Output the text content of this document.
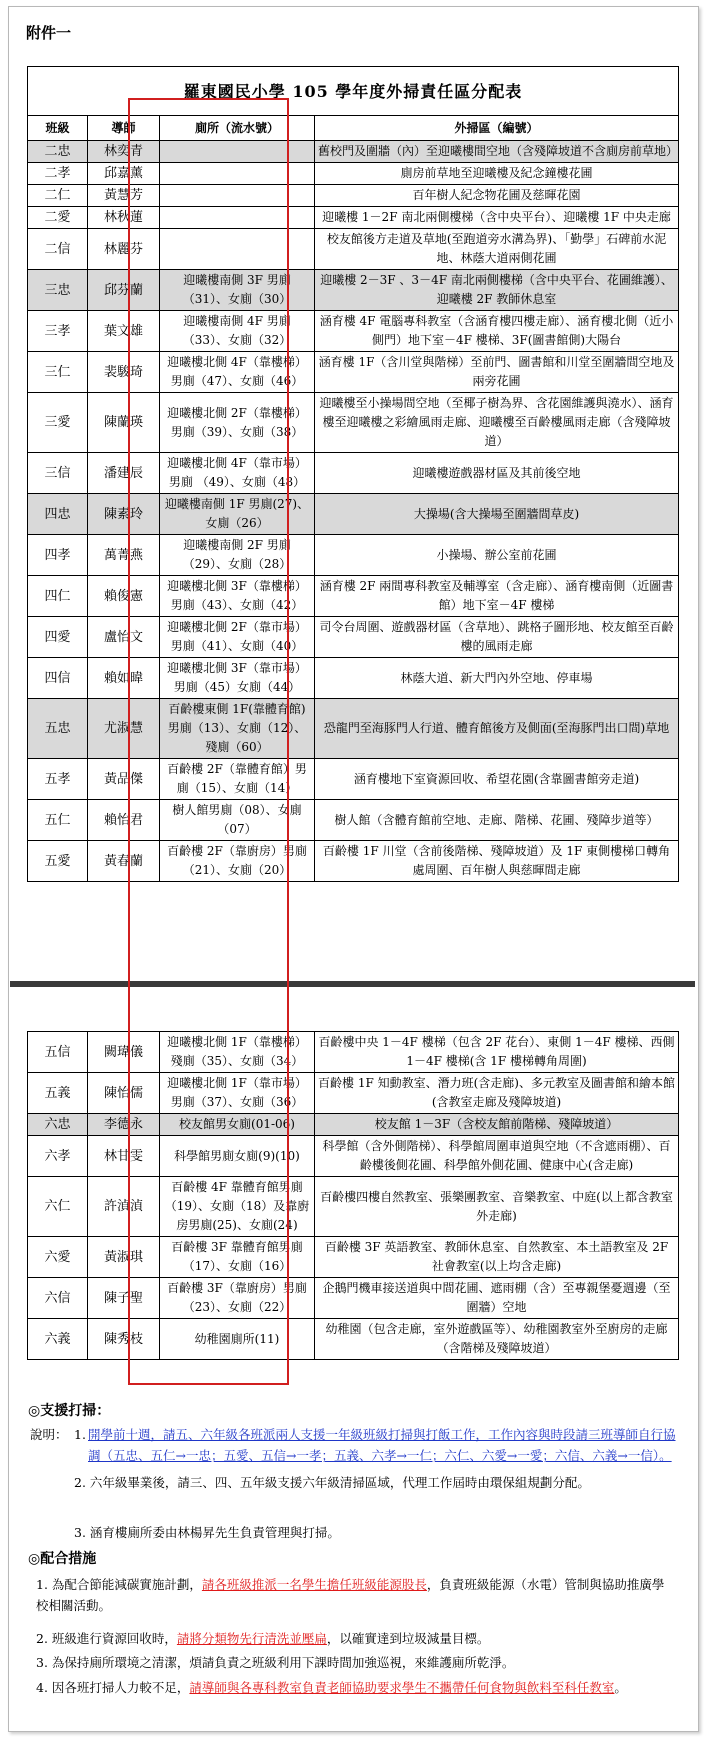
附件一
羅東國民小學 105 學年度外掃責任區分配表			
班級	導師	廁所（流水號）	外掃區（編號）
二忠	林奕青		舊校門及圍牆（內）至迎曦樓間空地（含殘障坡道不含廁房前草地）
二孝	邱嘉薰		廁房前草地至迎曦樓及紀念鐘樓花圃
二仁	黃慧芳		百年樹人紀念物花圃及慈暉花園
二愛	林秋蓮		迎曦樓 1－2F 南北兩側樓梯（含中央平台）、迎曦樓 1F 中央走廊
二信	林麗芬		校友館後方走道及草地(至跑道旁水溝為界)、「勤學」石碑前水泥地、林蔭大道兩側花圃
三忠	邱芬蘭	迎曦樓南側 3F 男廁（31）、女廁（30）	迎曦樓 2－3F 、3－4F 南北兩側樓梯（含中央平台、花圃維護）、迎曦樓 2F 教師休息室
三孝	葉文雄	迎曦樓南側 4F 男廁（33）、女廁（32）	涵育樓 4F 電腦專科教室（含涵育樓四樓走廊）、涵育樓北側（近小側門）地下室－4F 樓梯、3F(圖書館側)大陽台
三仁	裴駿琦	迎曦樓北側 4F（靠樓梯）男廁（47）、女廁（46）	涵育樓 1F（含川堂與階梯）至前門、圖書館和川堂至圍牆間空地及兩旁花圃
三愛	陳蘭瑛	迎曦樓北側 2F（靠樓梯）男廁（39）、女廁（38）	迎曦樓至小操場間空地（至椰子樹為界、含花園維護與澆水）、涵育樓至迎曦樓之彩繪風雨走廊、迎曦樓至百齡樓風雨走廊（含殘障坡道）
三信	潘建辰	迎曦樓北側 4F（靠市場）男廁 （49）、女廁（48）	迎曦樓遊戲器材區及其前後空地
四忠	陳素玲	迎曦樓南側 1F 男廁(27)、女廁（26）	大操場(含大操場至圍牆間草皮)
四孝	萬菁燕	迎曦樓南側 2F 男廁（29）、女廁（28）	小操場、辦公室前花圃
四仁	賴俊憲	迎曦樓北側 3F（靠樓梯）男廁（43）、女廁（42）	涵育樓 2F 兩間專科教室及輔導室（含走廊）、涵育樓南側（近圖書館）地下室－4F 樓梯
四愛	盧怡文	迎曦樓北側 2F（靠市場）男廁（41）、女廁（40）	司令台周圍、遊戲器材區（含草地）、跳格子圖形地、校友館至百齡樓的風雨走廊
四信	賴如暐	迎曦樓北側 3F（靠市場）男廁（45）女廁（44）	林蔭大道、新大門內外空地、停車場
五忠	尤淑慧	百齡樓東側 1F(靠體育館)男廁（13）、女廁（12）、殘廁（60）	恐龍門至海豚門人行道、體育館後方及側面(至海豚門出口間)草地
五孝	黃品傑	百齡樓 2F（靠體育館）男廁（15）、女廁（14）	涵育樓地下室資源回收、希望花園(含靠圖書館旁走道)
五仁	賴怡君	樹人館男廁（08）、女廁（07）	樹人館（含體育館前空地、走廊、階梯、花圃、殘障步道等）
五愛	黃春蘭	百齡樓 2F（靠廚房）男廁（21）、女廁（20）	百齡樓 1F 川堂（含前後階梯、殘障坡道）及 1F 東側樓梯口轉角處周圍、百年樹人與慈暉間走廊
五信	闕瑋儀	迎曦樓北側 1F（靠樓梯）殘廁（35）、女廁（34）	百齡樓中央 1－4F 樓梯（包含 2F 花台）、東側 1－4F 樓梯、西側 1－4F 樓梯(含 1F 樓梯轉角周圍)
五義	陳怡儒	迎曦樓北側 1F（靠市場）男廁（37）、女廁（36）	百齡樓 1F 知動教室、潛力班(含走廊)、多元教室及圖書館和繪本館(含教室走廊及殘障坡道)
六忠	李德永	校友館男女廁(01-06)	校友館 1－3F（含校友館前階梯、殘障坡道）
六孝	林甘雯	科學館男廁女廁(9)(10)	科學館（含外側階梯）、科學館周圍車道與空地（不含遮雨棚）、百齡樓後側花圃、科學館外側花圃、健康中心(含走廊)
六仁	許湞湞	百齡樓 4F 靠體育館男廁（19）、女廁（18）及靠廚房男廁(25)、女廁(24)	百齡樓四樓自然教室、張樂團教室、音樂教室、中庭(以上都含教室外走廊)
六愛	黃淑琪	百齡樓 3F 靠體育館男廁（17）、女廁（16）	百齡樓 3F 英語教室、教師休息室、自然教室、本土語教室及 2F 社會教室(以上均含走廊)
六信	陳子聖	百齡樓 3F（靠廚房）男廁（23）、女廁（22）	企鵝門機車接送道與中間花圃、遮雨棚（含）至專親堡憂週邊（至圍牆）空地
六義	陳秀枝	幼稚園廁所(11)	幼稚園（包含走廊，室外遊戲區等）、幼稚園教室外至廚房的走廊（含階梯及殘障坡道）
◎支援打掃：
說明： 1. 開學前十週，請五、六年級各班派兩人支援一年級班級打掃與打飯工作，工作內容與時段請三班導師自行協調（五忠、五仁→一忠；五愛、五信→一孝；五義、六孝→一仁；六仁、六愛→一愛；六信、六義→一信）。
2. 六年級畢業後，請三、四、五年級支援六年級清掃區域，代理工作屆時由環保組規劃分配。
3. 涵育樓廁所委由林楊昇先生負責管理與打掃。
◎配合措施
1. 為配合節能減碳實施計劃，請各班級推派一名學生擔任班級能源股長，負責班級能源（水電）管制與協助推廣學校相關活動。
2. 班級進行資源回收時，請將分類物先行清洗並壓扁，以確實達到垃圾減量目標。
3. 為保持廁所環境之清潔，煩請負責之班級利用下課時間加強巡視，來維護廁所乾淨。
4. 因各班打掃人力較不足，請導師與各專科教室負責老師協助要求學生不攜帶任何食物與飲料至科任教室。
